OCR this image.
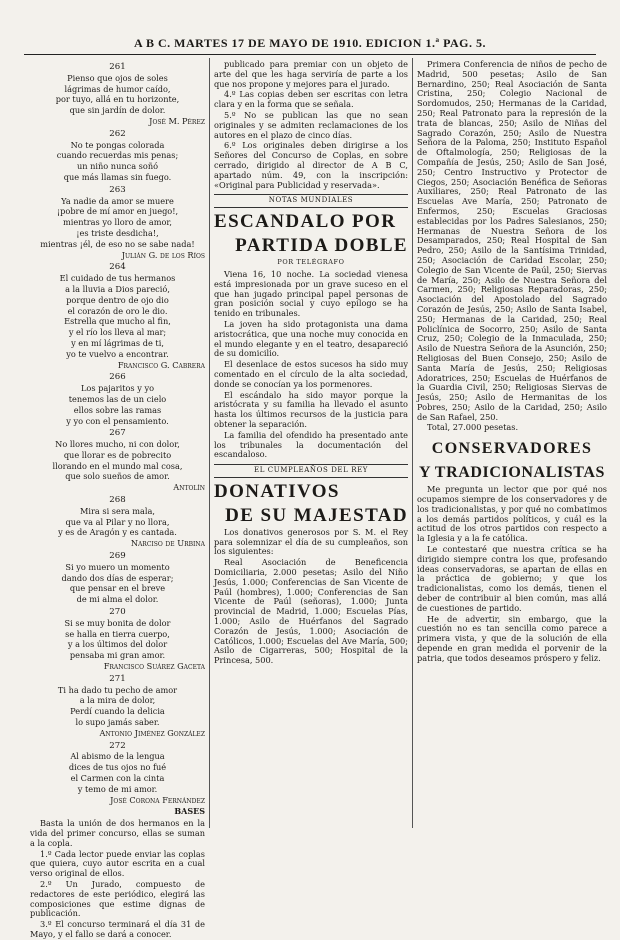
A B C. MARTES 17 DE MAYO DE 1910. EDICION 1.ª PAG. 5.
261
Pienso que ojos de soles
lágrimas de humor caído,
por tuyo, allá en tu horizonte,
que sin jardín de dolor.
José M. Pérez
262
No te pongas colorada
cuando recuerdas mis penas;
un niño nunca soñó
que más llamas sin fuego.
263
Ya nadie da amor se muere
¡pobre de mí amor en juego!,
mientras yo lloro de amor,
¡es triste desdicha!,
mientras ¡él, de eso no se sabe nada!
Julián G. de los Ríos
264
El cuidado de tus hermanos
a la lluvia a Dios pareció,
porque dentro de ojo dio
el corazón de oro le dio.
Estrella que mucho al fin,
y el río los lleva al mar;
y en mí lágrimas de ti,
yo te vuelvo a encontrar.
Francisco G. Cabrera
266
Los pajaritos y yo
tenemos las de un cielo
ellos sobre las ramas
y yo con el pensamiento.
267
No llores mucho, ni con dolor,
que llorar es de pobrecito
llorando en el mundo mal cosa,
que solo sueños de amor.
Antolín
268
Mira si sera mala,
que va al Pilar y no llora,
y es de Aragón y es cantada.
Narciso de Urbina
269
Si yo muero un momento
dando dos días de esperar;
que pensar en el breve
de mi alma el dolor.
270
Si se muy bonita de dolor
se halla en tierra cuerpo,
y a los últimos del dolor
pensaba mi gran amor.
Francisco Suárez Gaceta
271
Ti ha dado tu pecho de amor
a la mira de dolor,
Perdí cuando la delicia
lo supo jamás saber.
Antonio Jiménez González
272
Al abismo de la lengua
dices de tus ojos no fué
el Carmen con la cinta
y temo de mi amor.
José Corona Fernández
BASES

Basta la unión de dos hermanos en la vida del primer concurso, ellas se suman a la copla.

1.º Cada lector puede enviar las coplas que quiera, cuyo autor escrita en a cual verso original de ellos.

2.º Un Jurado, compuesto de redactores de este periódico, elegirá las composiciones que estime dignas de publicación.

3.º El concurso terminará el día 31 de Mayo, y el fallo se dará a conocer.

publicado para premiar con un objeto de arte del que les haga serviría de parte a los que nos propone y mejores para el jurado.

4.º Las copias deben ser escritas con letra clara y en la forma que se señala.

5.º No se publican las que no sean originales y se admiten reclamaciones de los autores en el plazo de cinco días.

6.º Los originales deben dirigirse a los Señores del Concurso de Coplas, en sobre cerrado, dirigido al director de A B C, apartado núm. 49, con la inscripción: «Original para Publicidad y reservada».

NOTAS MUNDIALES
ESCANDALO POR
PARTIDA DOBLE
POR TELÉGRAFO

Viena 16, 10 noche. La sociedad vienesa está impresionada por un grave suceso en el que han jugado principal papel personas de gran posición social y cuyo epílogo se ha tenido en tribunales.

La joven ha sido protagonista una dama aristocrática, que una noche muy conocida en el mundo elegante y en el teatro, desapareció de su domicilio.

El desenlace de estos sucesos ha sido muy comentado en el círculo de la alta sociedad, donde se conocían ya los pormenores.

El escándalo ha sido mayor porque la aristócrata y su familia ha llevado el asunto hasta los últimos recursos de la justicia para obtener la separación.

La familia del ofendido ha presentado ante los tribunales la documentación del escandaloso.

EL CUMPLEAÑOS DEL REY
DONATIVOS
DE SU MAJESTAD

Los donativos generosos por S. M. el Rey para solemnizar el día de su cumpleaños, son los siguientes:

Real Asociación de Beneficencia Domiciliaria, 2.000 pesetas; Asilo del Niño Jesús, 1.000; Conferencias de San Vicente de Paúl (hombres), 1.000; Conferencias de San Vicente de Paúl (señoras), 1.000; Junta provincial de Madrid, 1.000; Escuelas Pías, 1.000; Asilo de Huérfanos del Sagrado Corazón de Jesús, 1.000; Asociación de Católicos, 1.000; Escuelas del Ave María, 500; Asilo de Cigarreras, 500; Hospital de la Princesa, 500.

Primera Conferencia de niños de pecho de Madrid, 500 pesetas; Asilo de San Bernardino, 250; Real Asociación de Santa Cristina, 250; Colegio Nacional de Sordomudos, 250; Hermanas de la Caridad, 250; Real Patronato para la represión de la trata de blancas, 250; Asilo de Niñas del Sagrado Corazón, 250; Asilo de Nuestra Señora de la Paloma, 250; Instituto Español de Oftalmología, 250; Religiosas de la Compañía de Jesús, 250; Asilo de San José, 250; Centro Instructivo y Protector de Ciegos, 250; Asociación Benéfica de Señoras Auxiliares, 250; Real Patronato de las Escuelas Ave María, 250; Patronato de Enfermos, 250; Escuelas Graciosas establecidas por los Padres Salesianos, 250; Hermanas de Nuestra Señora de los Desamparados, 250; Real Hospital de San Pedro, 250; Asilo de la Santísima Trinidad, 250; Asociación de Caridad Escolar, 250; Colegio de San Vicente de Paúl, 250; Siervas de María, 250; Asilo de Nuestra Señora del Carmen, 250; Religiosas Reparadoras, 250; Asociación del Apostolado del Sagrado Corazón de Jesús, 250; Asilo de Santa Isabel, 250; Hermanas de la Caridad, 250; Real Policlínica de Socorro, 250; Asilo de Santa Cruz, 250; Colegio de la Inmaculada, 250; Asilo de Nuestra Señora de la Asunción, 250; Religiosas del Buen Consejo, 250; Asilo de Santa María de Jesús, 250; Religiosas Adoratrices, 250; Escuelas de Huérfanos de la Guardia Civil, 250; Religiosas Siervas de Jesús, 250; Asilo de Hermanitas de los Pobres, 250; Asilo de la Caridad, 250; Asilo de San Rafael, 250.

Total, 27.000 pesetas.

CONSERVADORES
Y TRADICIONALISTAS

Me pregunta un lector que por qué nos ocupamos siempre de los conservadores y de los tradicionalistas, y por qué no combatimos a los demás partidos políticos, y cuál es la actitud de los otros partidos con respecto a la Iglesia y a la fe católica.

Le contestaré que nuestra crítica se ha dirigido siempre contra los que, profesando ideas conservadoras, se apartan de ellas en la práctica de gobierno; y que los tradicionalistas, como los demás, tienen el deber de contribuir al bien común, mas allá de cuestiones de partido.

He de advertir, sin embargo, que la cuestión no es tan sencilla como parece a primera vista, y que de la solución de ella depende en gran medida el porvenir de la patria, que todos deseamos próspero y feliz.
